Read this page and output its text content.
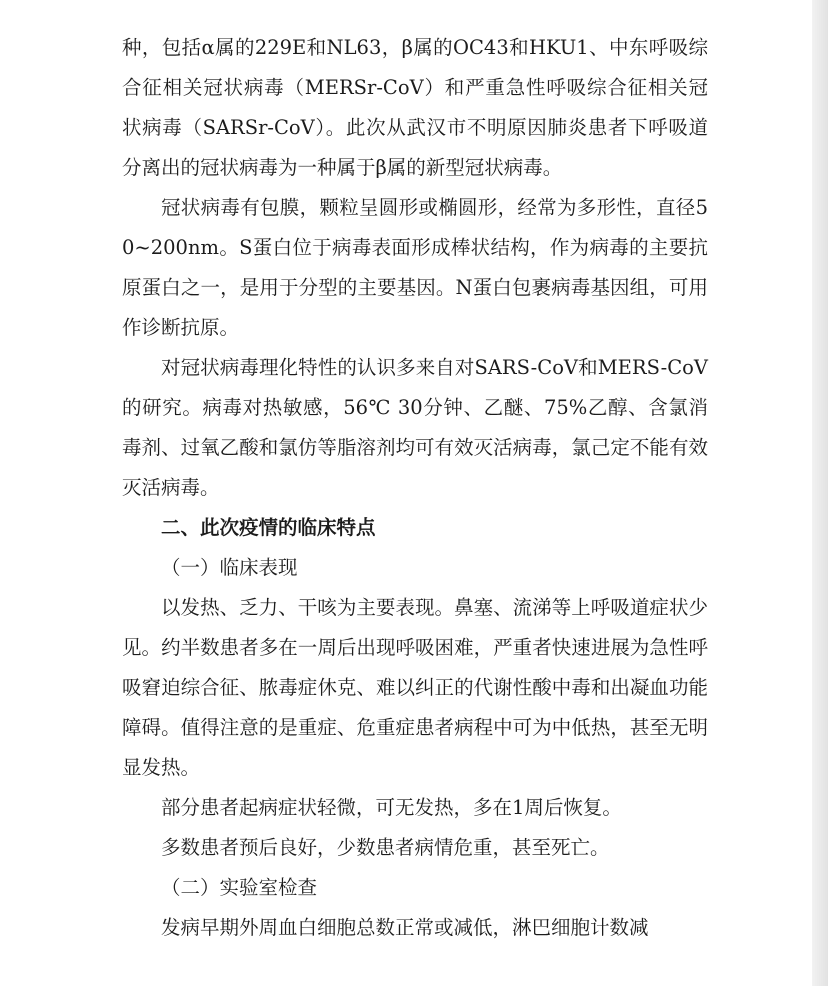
种，包括α属的229E和NL63，β属的OC43和HKU1、中东呼吸综合征相关冠状病毒（MERSr-CoV）和严重急性呼吸综合征相关冠状病毒（SARSr-CoV）。此次从武汉市不明原因肺炎患者下呼吸道分离出的冠状病毒为一种属于β属的新型冠状病毒。

冠状病毒有包膜，颗粒呈圆形或椭圆形，经常为多形性，直径50~200nm。S蛋白位于病毒表面形成棒状结构，作为病毒的主要抗原蛋白之一，是用于分型的主要基因。N蛋白包裹病毒基因组，可用作诊断抗原。

对冠状病毒理化特性的认识多来自对SARS-CoV和MERS-CoV的研究。病毒对热敏感，56℃ 30分钟、乙醚、75%乙醇、含氯消毒剂、过氧乙酸和氯仿等脂溶剂均可有效灭活病毒，氯己定不能有效灭活病毒。

二、此次疫情的临床特点

（一）临床表现

以发热、乏力、干咳为主要表现。鼻塞、流涕等上呼吸道症状少见。约半数患者多在一周后出现呼吸困难，严重者快速进展为急性呼吸窘迫综合征、脓毒症休克、难以纠正的代谢性酸中毒和出凝血功能障碍。值得注意的是重症、危重症患者病程中可为中低热，甚至无明显发热。

部分患者起病症状轻微，可无发热，多在1周后恢复。

多数患者预后良好，少数患者病情危重，甚至死亡。

（二）实验室检查

发病早期外周血白细胞总数正常或减低，淋巴细胞计数减
